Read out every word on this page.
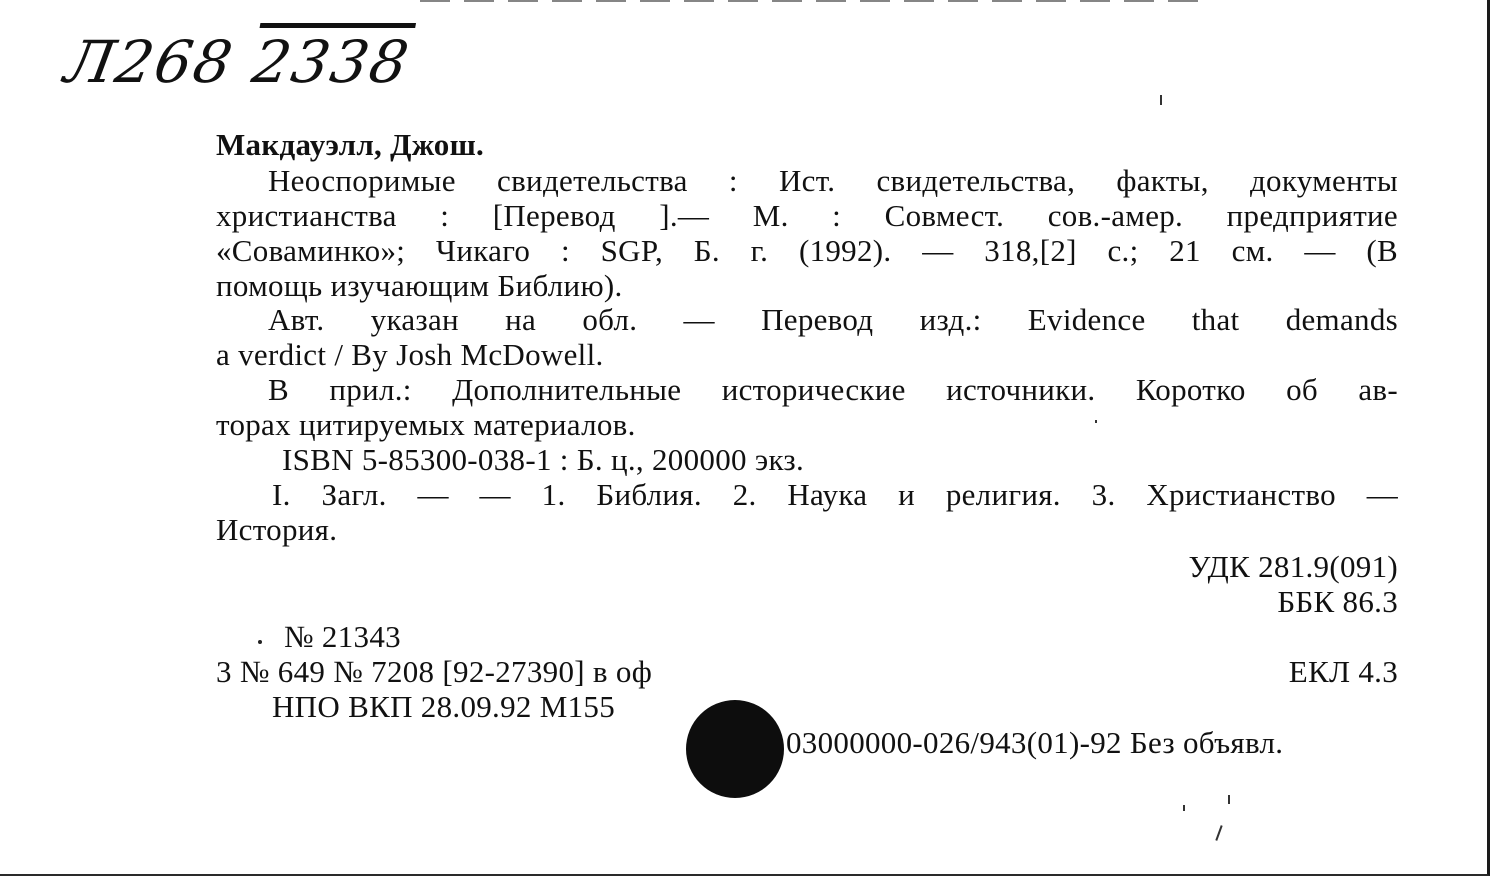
Л268 2338
Макдауэлл, Джош.
Неоспоримые свидетельства : Ист. свидетельства, факты, документы
христианства : [Перевод ].— М. : Совмест. сов.-амер. предприятие
«Соваминко»; Чикаго : SGP, Б. г. (1992). — 318,[2] с.; 21 см. — (В
помощь изучающим Библию).
Авт. указан на обл. — Перевод изд.: Evidence that demands
a verdict / By Josh McDowell.
В прил.: Дополнительные исторические источники. Коротко об ав-
торах цитируемых материалов.
ISBN 5-85300-038-1 : Б. ц., 200000 экз.
I. Загл. — — 1. Библия. 2. Наука и религия. 3. Христианство —
История.
УДК 281.9(091)
ББК 86.3
№ 21343
3 № 649 № 7208 [92-27390] в оф	ЕКЛ 4.3
НПО ВКП 28.09.92 М155
03000000-026/943(01)-92 Без объявл.
